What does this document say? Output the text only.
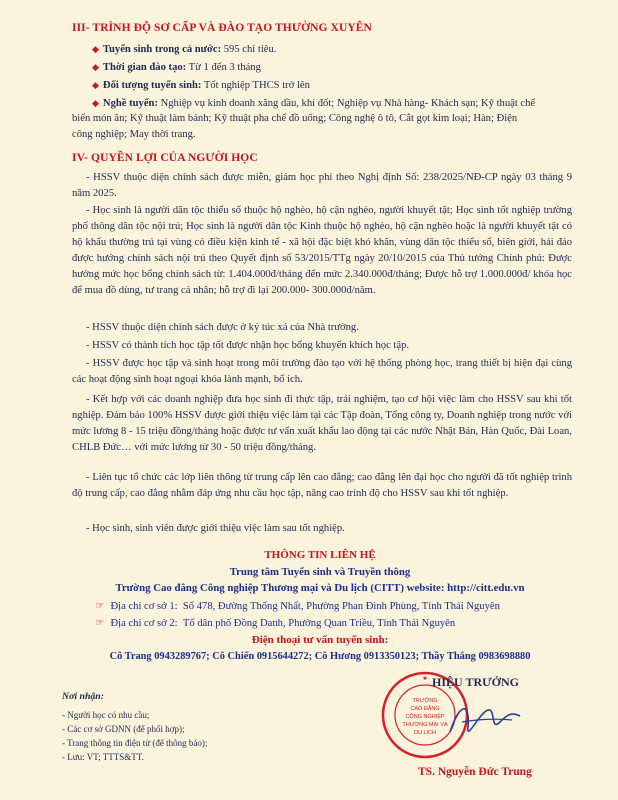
III- TRÌNH ĐỘ SƠ CẤP VÀ ĐÀO TẠO THƯỜNG XUYÊN
◆ Tuyển sinh trong cả nước: 595 chỉ tiêu.
◆ Thời gian đào tạo: Từ 1 đến 3 tháng
◆ Đối tượng tuyển sinh: Tốt nghiệp THCS trở lên
◆ Nghề tuyển: Nghiệp vụ kinh doanh xăng dầu, khí đốt; Nghiệp vụ Nhà hàng- Khách sạn; Kỹ thuật chế
biến món ăn; Kỹ thuật làm bánh; Kỹ thuật pha chế đồ uống; Công nghệ ô tô, Cắt gọt kim loại; Hàn; Điện
công nghiệp; May thời trang.
IV- QUYỀN LỢI CỦA NGƯỜI HỌC
- HSSV thuộc diện chính sách được miễn, giảm học phí theo Nghị định Số: 238/2025/NĐ-CP ngày 03 tháng 9 năm 2025.
- Học sinh là người dân tộc thiểu số thuộc hộ nghèo, hộ cận nghèo, người khuyết tật; Học sinh tốt nghiệp trường phổ thông dân tộc nội trú; Học sinh là người dân tộc Kinh thuộc hộ nghèo, hộ cận nghèo hoặc là người khuyết tật có hộ khẩu thường trú tại vùng có điều kiện kinh tế - xã hội đặc biệt khó khăn, vùng dân tộc thiểu số, biên giới, hải đảo được hưởng chính sách nội trú theo Quyết định số 53/2015/TTg ngày 20/10/2015 của Thủ tướng Chính phủ: Được hưởng mức học bổng chính sách từ: 1.404.000đ/tháng đến mức 2.340.000đ/tháng; Được hỗ trợ 1.000.000đ/ khóa học để mua đồ dùng, tư trang cá nhân; hỗ trợ đi lại 200.000- 300.000đ/năm.
- HSSV thuộc diện chính sách được ở ký túc xá của Nhà trường.
- HSSV có thành tích học tập tốt được nhận học bổng khuyến khích học tập.
- HSSV được học tập và sinh hoạt trong môi trường đào tạo với hệ thống phòng học, trang thiết bị hiện đại cùng các hoạt động sinh hoạt ngoại khóa lành mạnh, bổ ích.
- Kết hợp với các doanh nghiệp đưa học sinh đi thực tập, trải nghiệm, tạo cơ hội việc làm cho HSSV sau khi tốt nghiệp. Đảm bảo 100% HSSV được giới thiệu việc làm tại các Tập đoàn, Tổng công ty, Doanh nghiệp trong nước với mức lương 8 - 15 triệu đồng/tháng hoặc được tư vấn xuất khẩu lao động tại các nước Nhật Bản, Hàn Quốc, Đài Loan, CHLB Đức… với mức lương từ 30 - 50 triệu đồng/tháng.
- Liên tục tổ chức các lớp liên thông từ trung cấp lên cao đẳng; cao đẳng lên đại học cho người đã tốt nghiệp trình độ trung cấp, cao đẳng nhằm đáp ứng nhu cầu học tập, nâng cao trình độ cho HSSV sau khi tốt nghiệp.
- Học sinh, sinh viên được giới thiệu việc làm sau tốt nghiệp.
THÔNG TIN LIÊN HỆ
Trung tâm Tuyển sinh và Truyền thông
Trường Cao đẳng Công nghiệp Thương mại và Du lịch (CITT) website: http://citt.edu.vn
☞ Địa chỉ cơ sở 1: Số 478, Đường Thống Nhất, Phường Phan Đình Phùng, Tỉnh Thái Nguyên
☞ Địa chỉ cơ sở 2: Tổ dân phố Đồng Danh, Phường Quan Triều, Tỉnh Thái Nguyên
Điện thoại tư vấn tuyển sinh:
Cô Trang 0943289767; Cô Chiến 0915644272; Cô Hương 0913350123; Thầy Thắng 0983698880
Nơi nhận:
- Người học có nhu cầu;
- Các cơ sở GDNN (để phối hợp);
- Trang thông tin điện tử (để thông báo);
- Lưu: VT; TTTS&TT.
TRƯỜNG
CAO ĐẲNG
CÔNG NGHIỆP
THƯƠNG MẠI VÀ
DU LỊCH
✱ HIỆU TRƯỞNG
TS. Nguyễn Đức Trung
